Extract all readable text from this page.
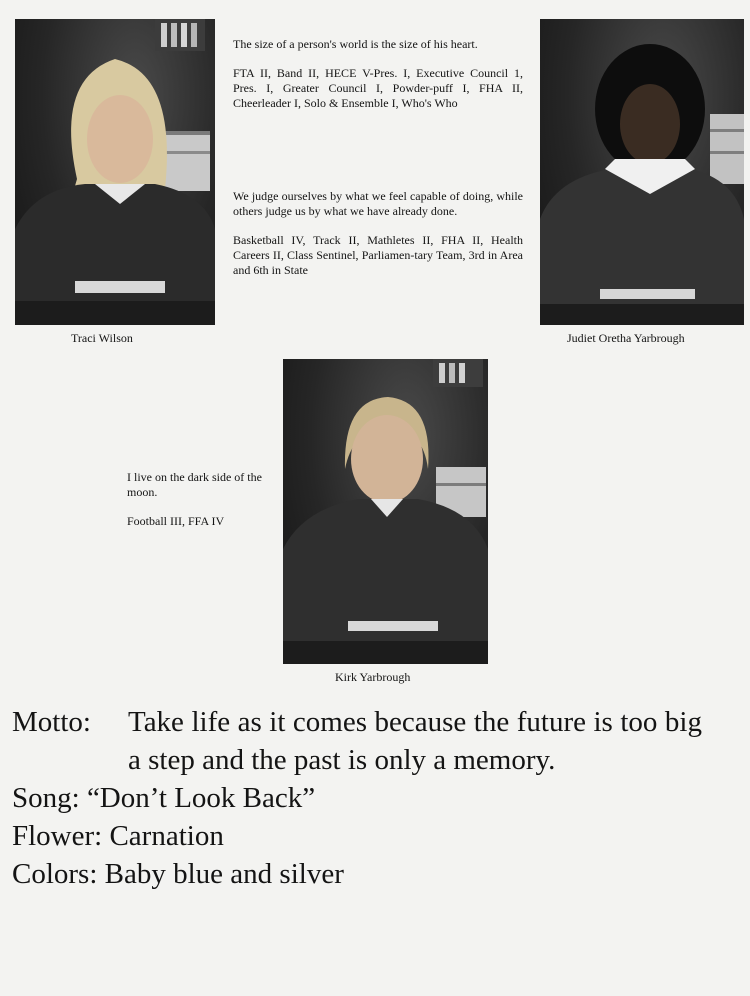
Traci Wilson

The size of a person's world is the size of his heart.

FTA II, Band II, HECE V-Pres. I, Executive Council 1, Pres. I, Greater Council I, Powder-puff I, FHA II, Cheerleader I, Solo & Ensemble I, Who's Who

We judge ourselves by what we feel capable of doing, while others judge us by what we have already done.

Basketball IV, Track II, Mathletes II, FHA II, Health Careers II, Class Sentinel, Parliamen-tary Team, 3rd in Area and 6th in State

Judiet Oretha Yarbrough

I live on the dark side of the moon.

Football III, FFA IV

Kirk Yarbrough
Motto:	Take life as it comes because the future is too big a step and the past is only a memory.

Song: “Don’t Look Back”

Flower: Carnation

Colors: Baby blue and silver
